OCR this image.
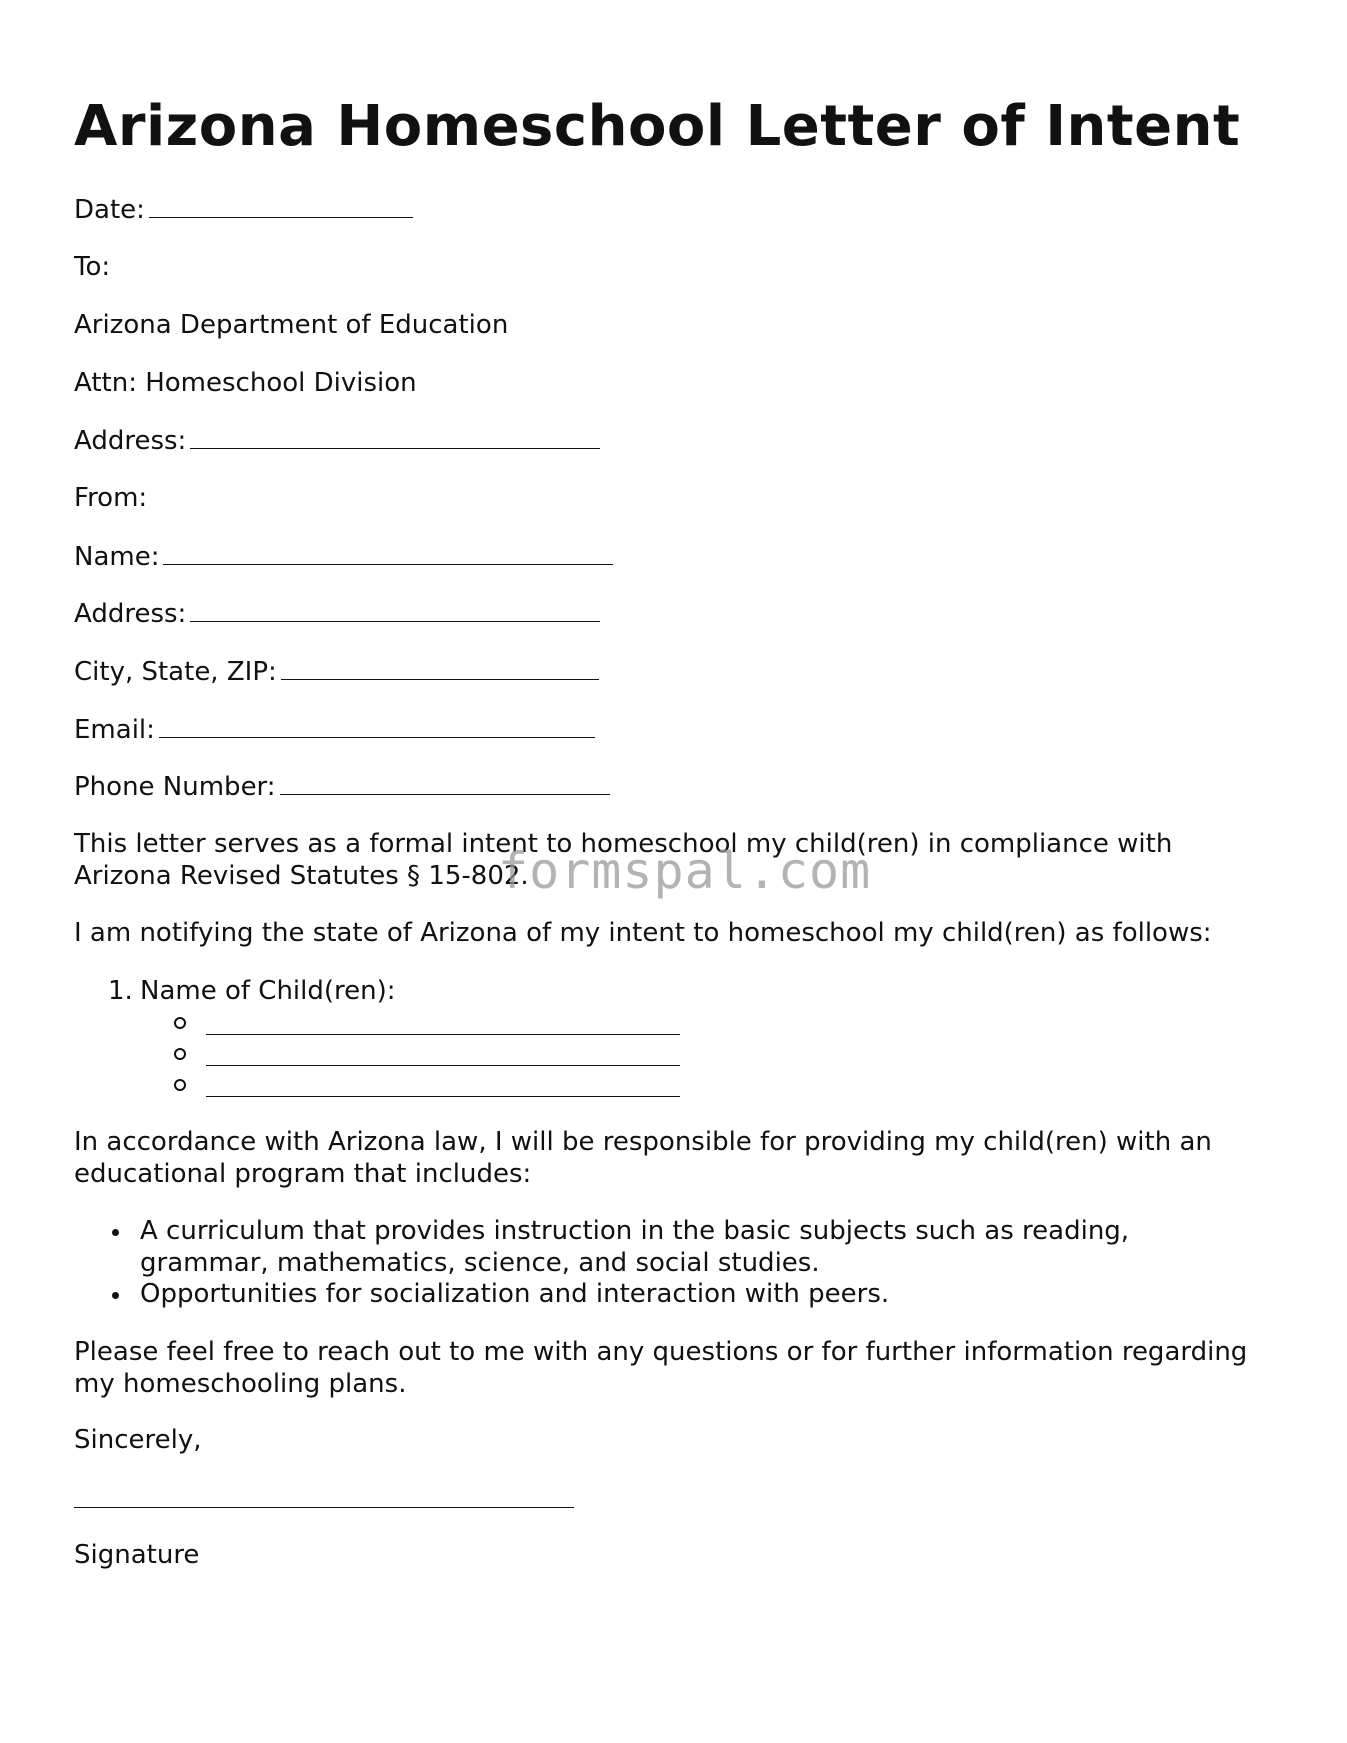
Arizona Homeschool Letter of Intent
Date:
To:
Arizona Department of Education
Attn: Homeschool Division
Address:
From:
Name:
Address:
City, State, ZIP:
Email:
Phone Number:
This letter serves as a formal intent to homeschool my child(ren) in compliance with Arizona Revised Statutes § 15-802.
I am notifying the state of Arizona of my intent to homeschool my child(ren) as follows:
1. Name of Child(ren):
In accordance with Arizona law, I will be responsible for providing my child(ren) with an educational program that includes:
A curriculum that provides instruction in the basic subjects such as reading, grammar, mathematics, science, and social studies.
Opportunities for socialization and interaction with peers.
Please feel free to reach out to me with any questions or for further information regarding my homeschooling plans.
Sincerely,
Signature
formspal.com
